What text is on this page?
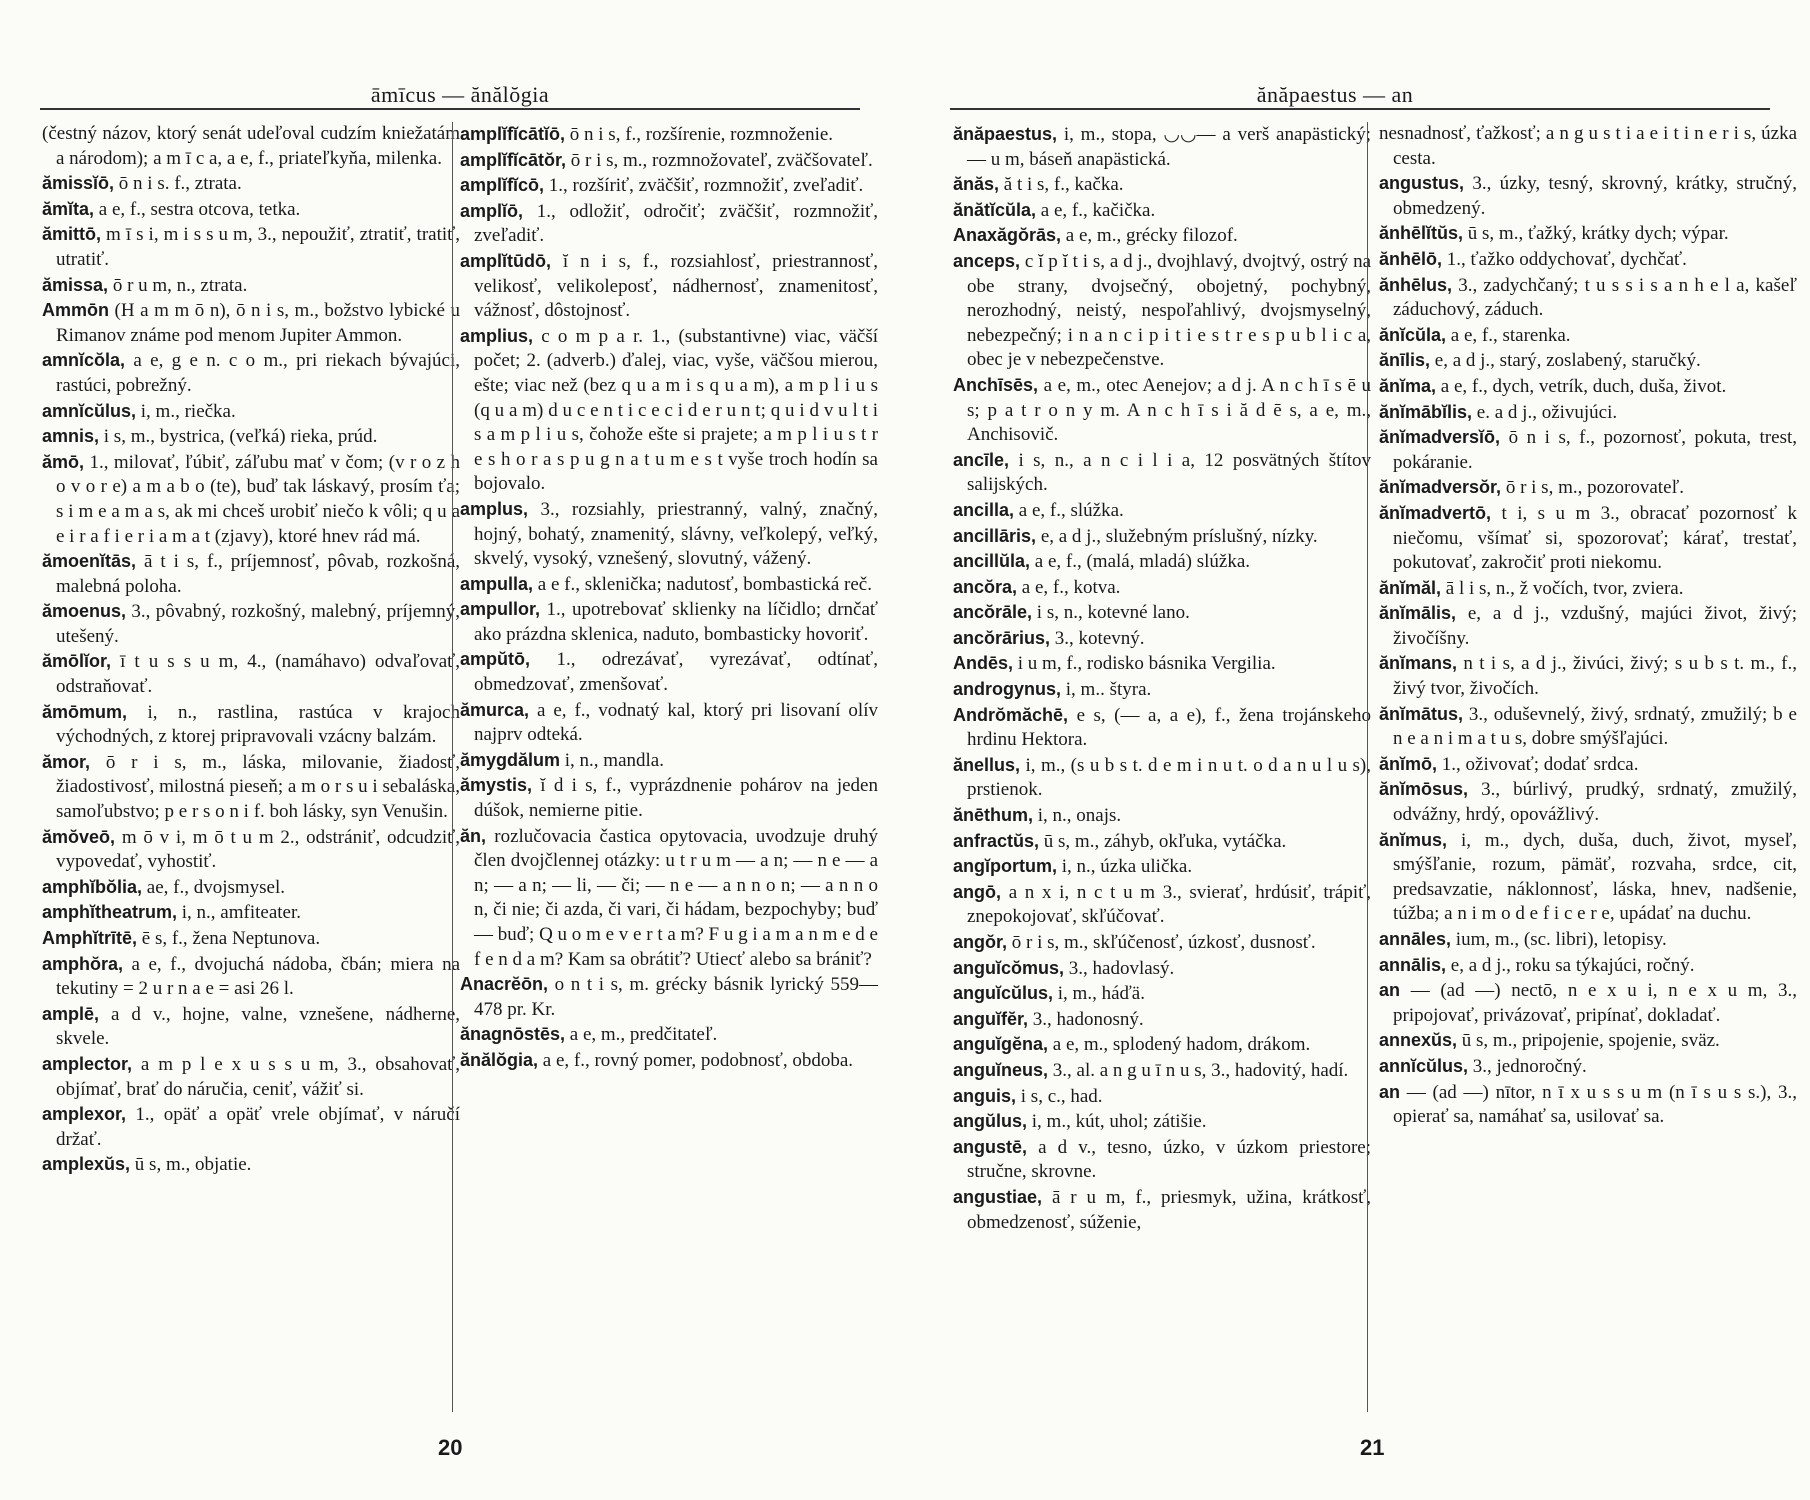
āmīcus — ănălŏgia
(čestný názov, ktorý senát udeľoval cudzím kniežatám a národom); a m ī c a, a e, f., priateľkyňa, milenka.
ămissĭō, ō n i s. f., ztrata.
ămĭta, a e, f., sestra otcova, tetka.
ămittō, m ī s i, m i s s u m, 3., nepoužiť, ztratiť, tratiť, utratiť.
ămissa, ō r u m, n., ztrata.
Ammōn (H a m m ō n), ō n i s, m., božstvo lybické u Rimanov známe pod menom Jupiter Ammon.
amnĭcŏla, a e, g e n. c o m., pri riekach bývajúci, rastúci, pobrežný.
amnĭcŭlus, i, m., riečka.
amnis, i s, m., bystrica, (veľká) rieka, prúd.
ămō, 1., milovať, ľúbiť, záľubu mať v čom; (v r o z h o v o r e) a m a b o (te), buď tak láskavý, prosím ťa; s i m e a m a s, ak mi chceš urobiť niečo k vôli; q u a e i r a f i e r i a m a t (zjavy), ktoré hnev rád má.
ămoenĭtās, ā t i s, f., príjemnosť, pôvab, rozkošná, malebná poloha.
ămoenus, 3., pôvabný, rozkošný, malebný, príjemný, utešený.
ămōlĭor, ī t u s s u m, 4., (namáhavo) odvaľovať, odstraňovať.
ămōmum, i, n., rastlina, rastúca v krajoch východných, z ktorej pripravovali vzácny balzám.
ămor, ō r i s, m., láska, milovanie, žiadosť, žiadostivosť, milostná pieseň; a m o r s u i sebaláska, samoľubstvo; p e r s o n i f. boh lásky, syn Venušin.
ămŏveō, m ō v i, m ō t u m 2., odstrániť, odcudziť, vypovedať, vyhostiť.
amphĭbŏlia, ae, f., dvojsmysel.
amphĭtheatrum, i, n., amfiteater.
Amphĭtrītē, ē s, f., žena Neptunova.
amphŏra, a e, f., dvojuchá nádoba, čbán; miera na tekutiny = 2 u r n a e = asi 26 l.
amplē, a d v., hojne, valne, vznešene, nádherne, skvele.
amplector, a m p l e x u s s u m, 3., obsahovať, objímať, brať do náručia, ceniť, vážiť si.
amplexor, 1., opäť a opäť vrele objímať, v náručí držať.
amplexŭs, ū s, m., objatie.
amplĭfĭcātĭō, ō n i s, f., rozšírenie, rozmnoženie.
amplĭfĭcātŏr, ō r i s, m., rozmnožovateľ, zväčšovateľ.
amplĭfĭcō, 1., rozšíriť, zväčšiť, rozmnožiť, zveľadiť.
amplĭō, 1., odložiť, odročiť; zväčšiť, rozmnožiť, zveľadiť.
amplĭtūdō, ĭ n i s, f., rozsiahlosť, priestrannosť, velikosť, velikoleposť, nádhernosť, znamenitosť, vážnosť, dôstojnosť.
amplius, c o m p a r. 1., (substantivne) viac, väčší počet; 2. (adverb.) ďalej, viac, vyše, väčšou mierou, ešte; viac než (bez q u a m i s q u a m), a m p l i u s (q u a m) d u c e n t i c e c i d e r u n t; q u i d v u l t i s a m p l i u s, čohože ešte si prajete; a m p l i u s t r e s h o r a s p u g n a t u m e s t vyše troch hodín sa bojovalo.
amplus, 3., rozsiahly, priestranný, valný, značný, hojný, bohatý, znamenitý, slávny, veľkolepý, veľký, skvelý, vysoký, vznešený, slovutný, vážený.
ampulla, a e f., sklenička; nadutosť, bombastická reč.
ampullor, 1., upotrebovať sklienky na líčidlo; drnčať ako prázdna sklenica, naduto, bombasticky hovoriť.
ampŭtō, 1., odrezávať, vyrezávať, odtínať, obmedzovať, zmenšovať.
ămurca, a e, f., vodnatý kal, ktorý pri lisovaní olív najprv odteká.
ămygdălum i, n., mandla.
ămystis, ĭ d i s, f., vyprázdnenie pohárov na jeden dúšok, nemierne pitie.
ăn, rozlučovacia častica opytovacia, uvodzuje druhý člen dvojčlennej otázky: u t r u m — a n; — n e — a n; — a n; — li, — či; — n e — a n n o n; — a n n o n, či nie; či azda, či vari, či hádam, bezpochyby; buď — buď; Q u o m e v e r t a m? F u g i a m a n m e d e f e n d a m? Kam sa obrátiť? Utiecť alebo sa brániť?
Anacrĕōn, o n t i s, m. grécky básnik lyrický 559—478 pr. Kr.
ănagnōstēs, a e, m., predčitateľ.
ănălŏgia, a e, f., rovný pomer, podobnosť, obdoba.
20
ănăpaestus — an
ănăpaestus, i, m., stopa, ◡◡— a verš anapästický; — u m, báseň anapästická.
ănăs, ă t i s, f., kačka.
ănătĭcŭla, a e, f., kačička.
Anaxăgŏrās, a e, m., grécky filozof.
anceps, c ĭ p ĭ t i s, a d j., dvojhlavý, dvojtvý, ostrý na obe strany, dvojsečný, obojetný, pochybný, nerozhodný, neistý, nespoľahlivý, dvojsmyselný, nebezpečný; i n a n c i p i t i e s t r e s p u b l i c a, obec je v nebezpečenstve.
Anchīsēs, a e, m., otec Aenejov; a d j. A n c h ī s ē u s; p a t r o n y m. A n c h ī s i ă d ē s, a e, m., Anchisovič.
ancīle, i s, n., a n c i l i a, 12 posvätných štítov salijských.
ancilla, a e, f., slúžka.
ancillāris, e, a d j., služebným príslušný, nízky.
ancillŭla, a e, f., (malá, mladá) slúžka.
ancŏra, a e, f., kotva.
ancŏrāle, i s, n., kotevné lano.
ancŏrārius, 3., kotevný.
Andēs, i u m, f., rodisko básnika Vergilia.
androgynus, i, m.. štyra.
Andrŏmăchē, e s, (— a, a e), f., žena trojánskeho hrdinu Hektora.
ănellus, i, m., (s u b s t. d e m i n u t. o d a n u l u s), prstienok.
ănēthum, i, n., onajs.
anfractŭs, ū s, m., záhyb, okľuka, vytáčka.
angĭportum, i, n., úzka ulička.
angō, a n x i, n c t u m 3., svierať, hrdúsiť, trápiť, znepokojovať, skľúčovať.
angŏr, ō r i s, m., skľúčenosť, úzkosť, dusnosť.
anguĭcŏmus, 3., hadovlasý.
anguĭcŭlus, i, m., háďä.
anguĭfĕr, 3., hadonosný.
anguĭgĕna, a e, m., splodený hadom, drákom.
anguĭneus, 3., al. a n g u ī n u s, 3., hadovitý, hadí.
anguis, i s, c., had.
angŭlus, i, m., kút, uhol; zátišie.
angustē, a d v., tesno, úzko, v úzkom priestore; stručne, skrovne.
angustiae, ā r u m, f., priesmyk, užina, krátkosť, obmedzenosť, súženie,
nesnadnosť, ťažkosť; a n g u s t i a e i t i n e r i s, úzka cesta.
angustus, 3., úzky, tesný, skrovný, krátky, stručný, obmedzený.
ănhēlĭtŭs, ū s, m., ťažký, krátky dych; výpar.
ănhēlō, 1., ťažko oddychovať, dychčať.
ănhēlus, 3., zadychčaný; t u s s i s a n h e l a, kašeľ záduchový, záduch.
ănĭcŭla, a e, f., starenka.
ănīlis, e, a d j., starý, zoslabený, staručký.
ănĭma, a e, f., dych, vetrík, duch, duša, život.
ănĭmābĭlis, e. a d j., oživujúci.
ănĭmadversĭō, ō n i s, f., pozornosť, pokuta, trest, pokáranie.
ănĭmadversŏr, ō r i s, m., pozorovateľ.
ănĭmadvertō, t i, s u m 3., obracať pozornosť k niečomu, všímať si, spozorovať; kárať, trestať, pokutovať, zakročiť proti niekomu.
ănĭmăl, ā l i s, n., ž vočích, tvor, zviera.
ănĭmālis, e, a d j., vzdušný, majúci život, živý; živočíšny.
ănĭmans, n t i s, a d j., živúci, živý; s u b s t. m., f., živý tvor, živočích.
ănĭmātus, 3., oduševnelý, živý, srdnatý, zmužilý; b e n e a n i m a t u s, dobre smýšľajúci.
ănĭmō, 1., oživovať; dodať srdca.
ănĭmōsus, 3., búrlivý, prudký, srdnatý, zmužilý, odvážny, hrdý, opovážlivý.
ănĭmus, i, m., dych, duša, duch, život, myseľ, smýšľanie, rozum, pämäť, rozvaha, srdce, cit, predsavzatie, náklonnosť, láska, hnev, nadšenie, túžba; a n i m o d e f i c e r e, upádať na duchu.
annāles, ium, m., (sc. libri), letopisy.
annālis, e, a d j., roku sa týkajúci, ročný.
an — (ad —) nectō, n e x u i, n e x u m, 3., pripojovať, privázovať, pripínať, dokladať.
annexŭs, ū s, m., pripojenie, spojenie, sväz.
annĭcŭlus, 3., jednoročný.
an — (ad —) nītor, n ī x u s s u m (n ī s u s s.), 3., opierať sa, namáhať sa, usilovať sa.
21
